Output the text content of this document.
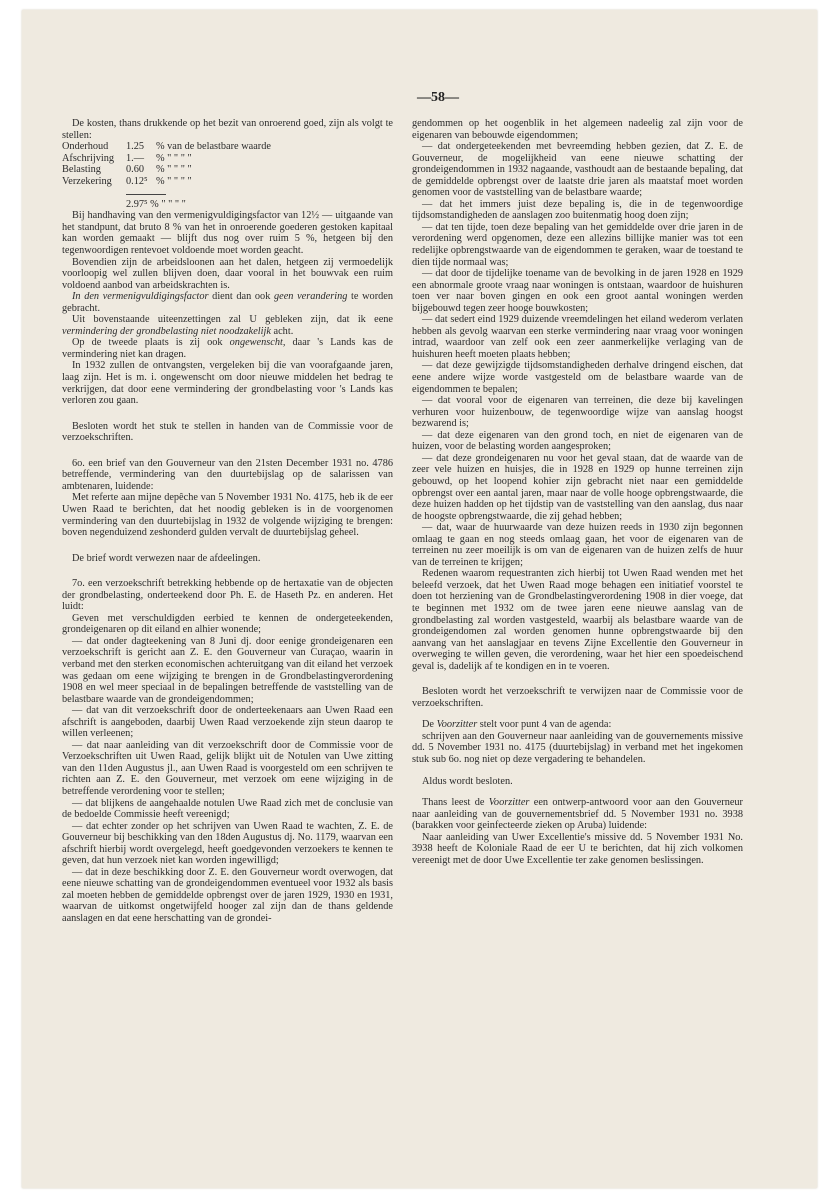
—58—

De kosten, thans drukkende op het bezit van onroerend goed, zijn als volgt te stellen:

Onderhoud	1.25	% van de belastbare waarde
Afschrijving	1.—	% " " " "
Belasting	0.60	% " " " "
Verzekering	0.12⁵	% " " " "

2.97⁵ % " " " "

Bij handhaving van den vermenigvuldigingsfactor van 12½ — uitgaande van het standpunt, dat bruto 8 % van het in onroerende goederen gestoken kapitaal kan worden gemaakt — blijft dus nog over ruim 5 %, hetgeen bij den tegenwoordigen rentevoet voldoende moet worden geacht.

Bovendien zijn de arbeidsloonen aan het dalen, hetgeen zij vermoedelijk voorloopig wel zullen blijven doen, daar vooral in het bouwvak een ruim voldoend aanbod van arbeidskrachten is.

In den vermenigvuldigingsfactor dient dan ook geen verandering te worden gebracht.

Uit bovenstaande uiteenzettingen zal U gebleken zijn, dat ik eene vermindering der grondbelasting niet noodzakelijk acht.

Op de tweede plaats is zij ook ongewenscht, daar 's Lands kas de vermindering niet kan dragen.

In 1932 zullen de ontvangsten, vergeleken bij die van voorafgaande jaren, laag zijn. Het is m. i. ongewenscht om door nieuwe middelen het bedrag te verkrijgen, dat door eene vermindering der grondbelasting voor 's Lands kas verloren zou gaan.

Besloten wordt het stuk te stellen in handen van de Commissie voor de verzoekschriften.

6o. een brief van den Gouverneur van den 21sten December 1931 no. 4786 betreffende, vermindering van den duurtebijslag op de salarissen van ambtenaren, luidende:

Met referte aan mijne depêche van 5 November 1931 No. 4175, heb ik de eer Uwen Raad te berichten, dat het noodig gebleken is in de voorgenomen vermindering van den duurtebijslag in 1932 de volgende wijziging te brengen: boven negenduizend zeshonderd gulden vervalt de duurtebijslag geheel.

De brief wordt verwezen naar de afdeelingen.

7o. een verzoekschrift betrekking hebbende op de hertaxatie van de objecten der grondbelasting, onderteekend door Ph. E. de Haseth Pz. en anderen. Het luidt:

Geven met verschuldigden eerbied te kennen de ondergeteekenden, grondeigenaren op dit eiland en alhier wonende;

— dat onder dagteekening van 8 Juni dj. door eenige grondeigenaren een verzoekschrift is gericht aan Z. E. den Gouverneur van Curaçao, waarin in verband met den sterken economischen achteruitgang van dit eiland het verzoek was gedaan om eene wijziging te brengen in de Grondbelastingverordening 1908 en wel meer speciaal in de bepalingen betreffende de vaststelling van de belastbare waarde van de grondeigendommen;

— dat van dit verzoekschrift door de onderteekenaars aan Uwen Raad een afschrift is aangeboden, daarbij Uwen Raad verzoekende zijn steun daarop te willen verleenen;

— dat naar aanleiding van dit verzoekschrift door de Commissie voor de Verzoekschriften uit Uwen Raad, gelijk blijkt uit de Notulen van Uwe zitting van den 11den Augustus jl., aan Uwen Raad is voorgesteld om een schrijven te richten aan Z. E. den Gouverneur, met verzoek om eene wijziging in de betreffende verordening voor te stellen;

— dat blijkens de aangehaalde notulen Uwe Raad zich met de conclusie van de bedoelde Commissie heeft vereenigd;

— dat echter zonder op het schrijven van Uwen Raad te wachten, Z. E. de Gouverneur bij beschikking van den 18den Augustus dj. No. 1179, waarvan een afschrift hierbij wordt overgelegd, heeft goedgevonden verzoekers te kennen te geven, dat hun verzoek niet kan worden ingewilligd;

— dat in deze beschikking door Z. E. den Gouverneur wordt overwogen, dat eene nieuwe schatting van de grondeigendommen eventueel voor 1932 als basis zal moeten hebben de gemiddelde opbrengst over de jaren 1929, 1930 en 1931, waarvan de uitkomst ongetwijfeld hooger zal zijn dan de thans geldende aanslagen en dat eene herschatting van de grondei-

gendommen op het oogenblik in het algemeen nadeelig zal zijn voor de eigenaren van bebouwde eigendommen;

— dat ondergeteekenden met bevreemding hebben gezien, dat Z. E. de Gouverneur, de mogelijkheid van eene nieuwe schatting der grondeigendommen in 1932 nagaande, vasthoudt aan de bestaande bepaling, dat de gemiddelde opbrengst over de laatste drie jaren als maatstaf moet worden genomen voor de vaststelling van de belastbare waarde;

— dat het immers juist deze bepaling is, die in de tegenwoordige tijdsomstandigheden de aanslagen zoo buitenmatig hoog doen zijn;

— dat ten tijde, toen deze bepaling van het gemiddelde over drie jaren in de verordening werd opgenomen, deze een allezins billijke manier was tot een redelijke opbrengstwaarde van de eigendommen te geraken, waar de toestand te dien tijde normaal was;

— dat door de tijdelijke toename van de bevolking in de jaren 1928 en 1929 een abnormale groote vraag naar woningen is ontstaan, waardoor de huishuren toen ver naar boven gingen en ook een groot aantal woningen werden bijgebouwd tegen zeer hooge bouwkosten;

— dat sedert eind 1929 duizende vreemdelingen het eiland wederom verlaten hebben als gevolg waarvan een sterke vermindering naar vraag voor woningen intrad, waardoor van zelf ook een zeer aanmerkelijke verlaging van de huishuren heeft moeten plaats hebben;

— dat deze gewijzigde tijdsomstandigheden derhalve dringend eischen, dat eene andere wijze worde vastgesteld om de belastbare waarde van de eigendommen te bepalen;

— dat vooral voor de eigenaren van terreinen, die deze bij kavelingen verhuren voor huizenbouw, de tegenwoordige wijze van aanslag hoogst bezwarend is;

— dat deze eigenaren van den grond toch, en niet de eigenaren van de huizen, voor de belasting worden aangesproken;

— dat deze grondeigenaren nu voor het geval staan, dat de waarde van de zeer vele huizen en huisjes, die in 1928 en 1929 op hunne terreinen zijn gebouwd, op het loopend kohier zijn gebracht niet naar een gemiddelde opbrengst over een aantal jaren, maar naar de volle hooge opbrengstwaarde, die deze huizen hadden op het tijdstip van de vaststelling van den aanslag, dus naar de hoogste opbrengstwaarde, die zij gehad hebben;

— dat, waar de huurwaarde van deze huizen reeds in 1930 zijn begonnen omlaag te gaan en nog steeds omlaag gaan, het voor de eigenaren van de terreinen nu zeer moeilijk is om van de eigenaren van de huizen zelfs de huur van de terreinen te krijgen;

Redenen waarom requestranten zich hierbij tot Uwen Raad wenden met het beleefd verzoek, dat het Uwen Raad moge behagen een initiatief voorstel te doen tot herziening van de Grondbelastingverordening 1908 in dier voege, dat te beginnen met 1932 om de twee jaren eene nieuwe aanslag van de grondbelasting zal worden vastgesteld, waarbij als belastbare waarde van de grondeigendomen zal worden genomen hunne opbrengstwaarde bij den aanvang van het aanslagjaar en tevens Zijne Excellentie den Gouverneur in overweging te willen geven, die verordening, waar het hier een spoedeischend geval is, dadelijk af te kondigen en in te voeren.

Besloten wordt het verzoekschrift te verwijzen naar de Commissie voor de verzoekschriften.

De Voorzitter stelt voor punt 4 van de agenda:

schrijven aan den Gouverneur naar aanleiding van de gouvernements missive dd. 5 November 1931 no. 4175 (duurtebijslag) in verband met het ingekomen stuk sub 6o. nog niet op deze vergadering te behandelen.

Aldus wordt besloten.

Thans leest de Voorzitter een ontwerp-antwoord voor aan den Gouverneur naar aanleiding van de gouvernementsbrief dd. 5 November 1931 no. 3938 (barakken voor geinfecteerde zieken op Aruba) luidende:

Naar aanleiding van Uwer Excellentie's missive dd. 5 November 1931 No. 3938 heeft de Koloniale Raad de eer U te berichten, dat hij zich volkomen vereenigt met de door Uwe Excellentie ter zake genomen beslissingen.
